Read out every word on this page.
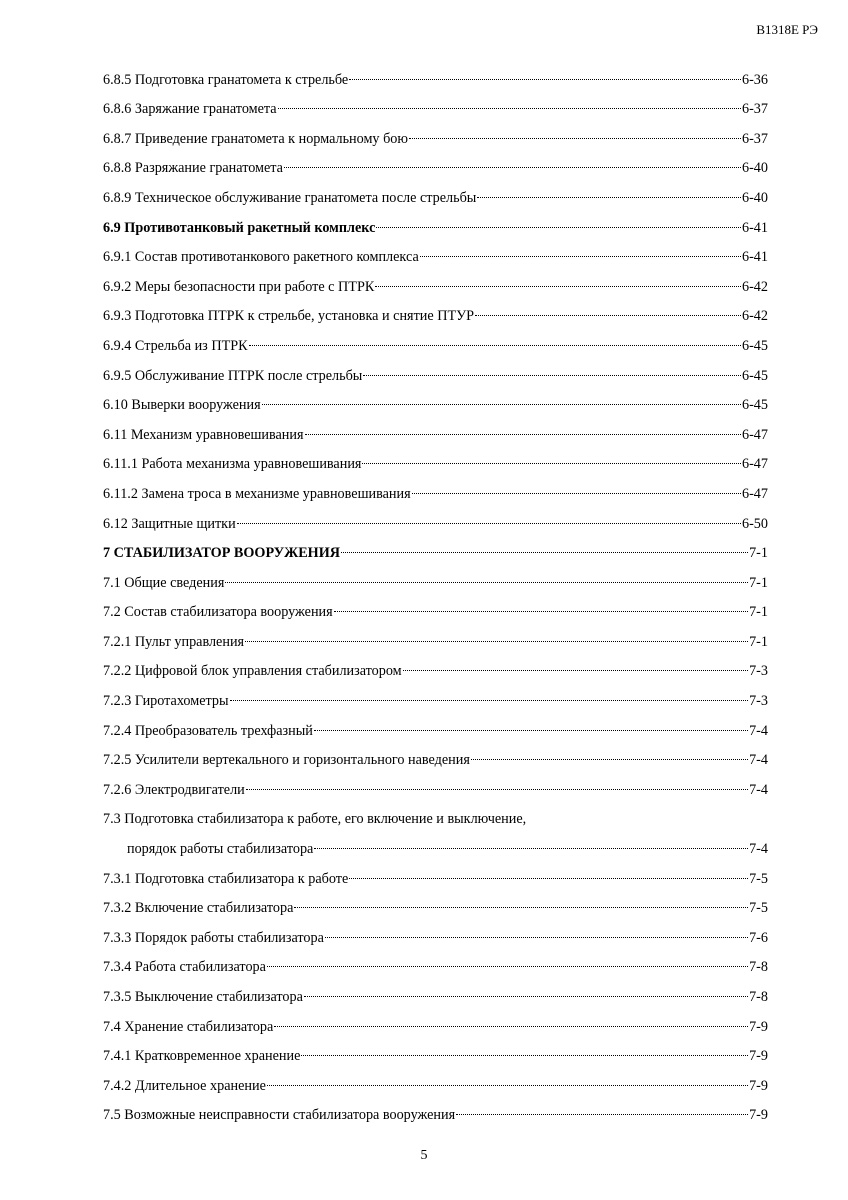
В1318Е РЭ
6.8.5 Подготовка гранатомета к стрельбе	6-36
6.8.6 Заряжание гранатомета	6-37
6.8.7 Приведение гранатомета к нормальному бою	6-37
6.8.8 Разряжание гранатомета	6-40
6.8.9 Техническое обслуживание гранатомета после стрельбы	6-40
6.9 Противотанковый ракетный комплекс	6-41
6.9.1 Состав противотанкового ракетного комплекса	6-41
6.9.2 Меры безопасности при работе с ПТРК	6-42
6.9.3 Подготовка ПТРК к стрельбе, установка и снятие ПТУР	6-42
6.9.4 Стрельба из ПТРК	6-45
6.9.5 Обслуживание ПТРК после стрельбы	6-45
6.10 Выверки вооружения	6-45
6.11 Механизм уравновешивания	6-47
6.11.1 Работа механизма уравновешивания	6-47
6.11.2 Замена троса в механизме уравновешивания	6-47
6.12 Защитные щитки	6-50
7 СТАБИЛИЗАТОР ВООРУЖЕНИЯ	7-1
7.1 Общие сведения	7-1
7.2 Состав стабилизатора вооружения	7-1
7.2.1 Пульт управления	7-1
7.2.2 Цифровой блок управления стабилизатором	7-3
7.2.3 Гиротахометры	7-3
7.2.4 Преобразователь трехфазный	7-4
7.2.5 Усилители вертекального и горизонтального наведения	7-4
7.2.6 Электродвигатели	7-4
7.3 Подготовка стабилизатора к работе, его включение и выключение,
порядок работы стабилизатора	7-4
7.3.1 Подготовка стабилизатора к работе	7-5
7.3.2 Включение стабилизатора	7-5
7.3.3 Порядок работы стабилизатора	7-6
7.3.4 Работа стабилизатора	7-8
7.3.5 Выключение стабилизатора	7-8
7.4 Хранение стабилизатора	7-9
7.4.1 Кратковременное хранение	7-9
7.4.2 Длительное хранение	7-9
7.5 Возможные неисправности стабилизатора вооружения	7-9
5
